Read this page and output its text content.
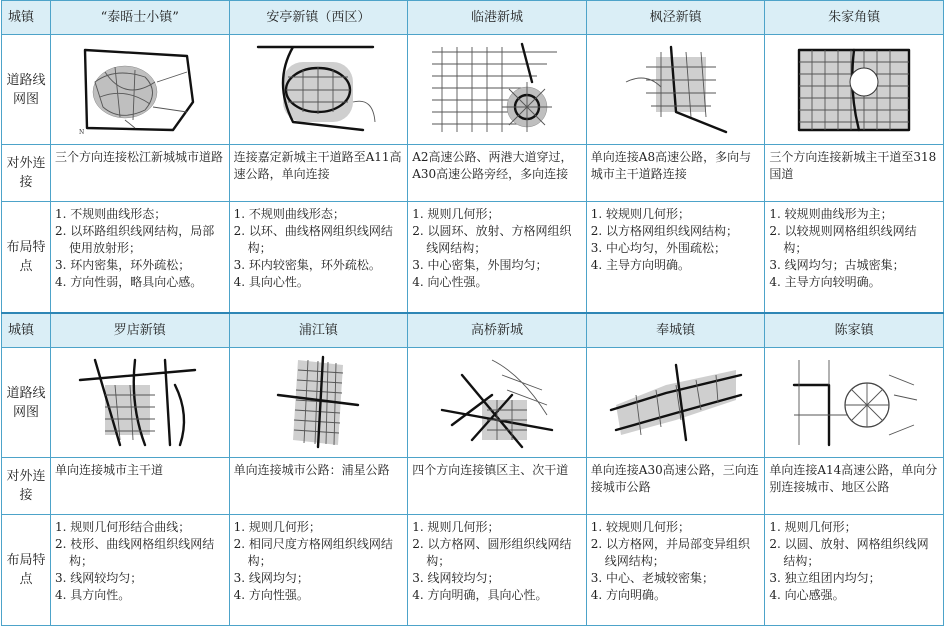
城镇	“泰晤士小镇”	安亭新镇（西区）	临港新城	枫泾新镇	朱家角镇
道路线网图	N

对外连接	三个方向连接松江新城城市道路	连接嘉定新城主干道路至A11高速公路，单向连接	A2高速公路、两港大道穿过，A30高速公路旁经，多向连接	单向连接A8高速公路，多向与城市主干道路连接	三个方向连接新城主干道至318国道

布局特点	1. 不规则曲线形态；
2. 以环路组织线网结构，局部使用放射形；
3. 环内密集，环外疏松；
4. 方向性弱，略具向心感。	1. 不规则曲线形态；
2. 以环、曲线格网组织线网结构；
3. 环内较密集，环外疏松。
4. 具向心性。	1. 规则几何形；
2. 以圆环、放射、方格网组织线网结构；
3. 中心密集，外围均匀；
4. 向心性强。	1. 较规则几何形；
2. 以方格网组织线网结构；
3. 中心均匀，外围疏松；
4. 主导方向明确。	1. 较规则曲线形为主；
2. 以较规则网格组织线网结构；
3. 线网均匀；古城密集；
4. 主导方向较明确。

城镇	罗店新镇	浦江镇	高桥新城	奉城镇	陈家镇
道路线网图	

对外连接	单向连接城市主干道	单向连接城市公路：浦星公路	四个方向连接镇区主、次干道	单向连接A30高速公路，三向连接城市公路	单向连接A14高速公路，单向分别连接城市、地区公路

布局特点	1. 规则几何形结合曲线；
2. 枝形、曲线网格组织线网结构；
3. 线网较均匀；
4. 具方向性。	1. 规则几何形；
2. 相同尺度方格网组织线网结构；
3. 线网均匀；
4. 方向性强。	1. 规则几何形；
2. 以方格网、圆形组织线网结构；
3. 线网较均匀；
4. 方向明确，具向心性。	1. 较规则几何形；
2. 以方格网，并局部变异组织线网结构；
3. 中心、老城较密集；
4. 方向明确。	1. 规则几何形；
2. 以圆、放射、网格组织线网结构；
3. 独立组团内均匀；
4. 向心感强。
